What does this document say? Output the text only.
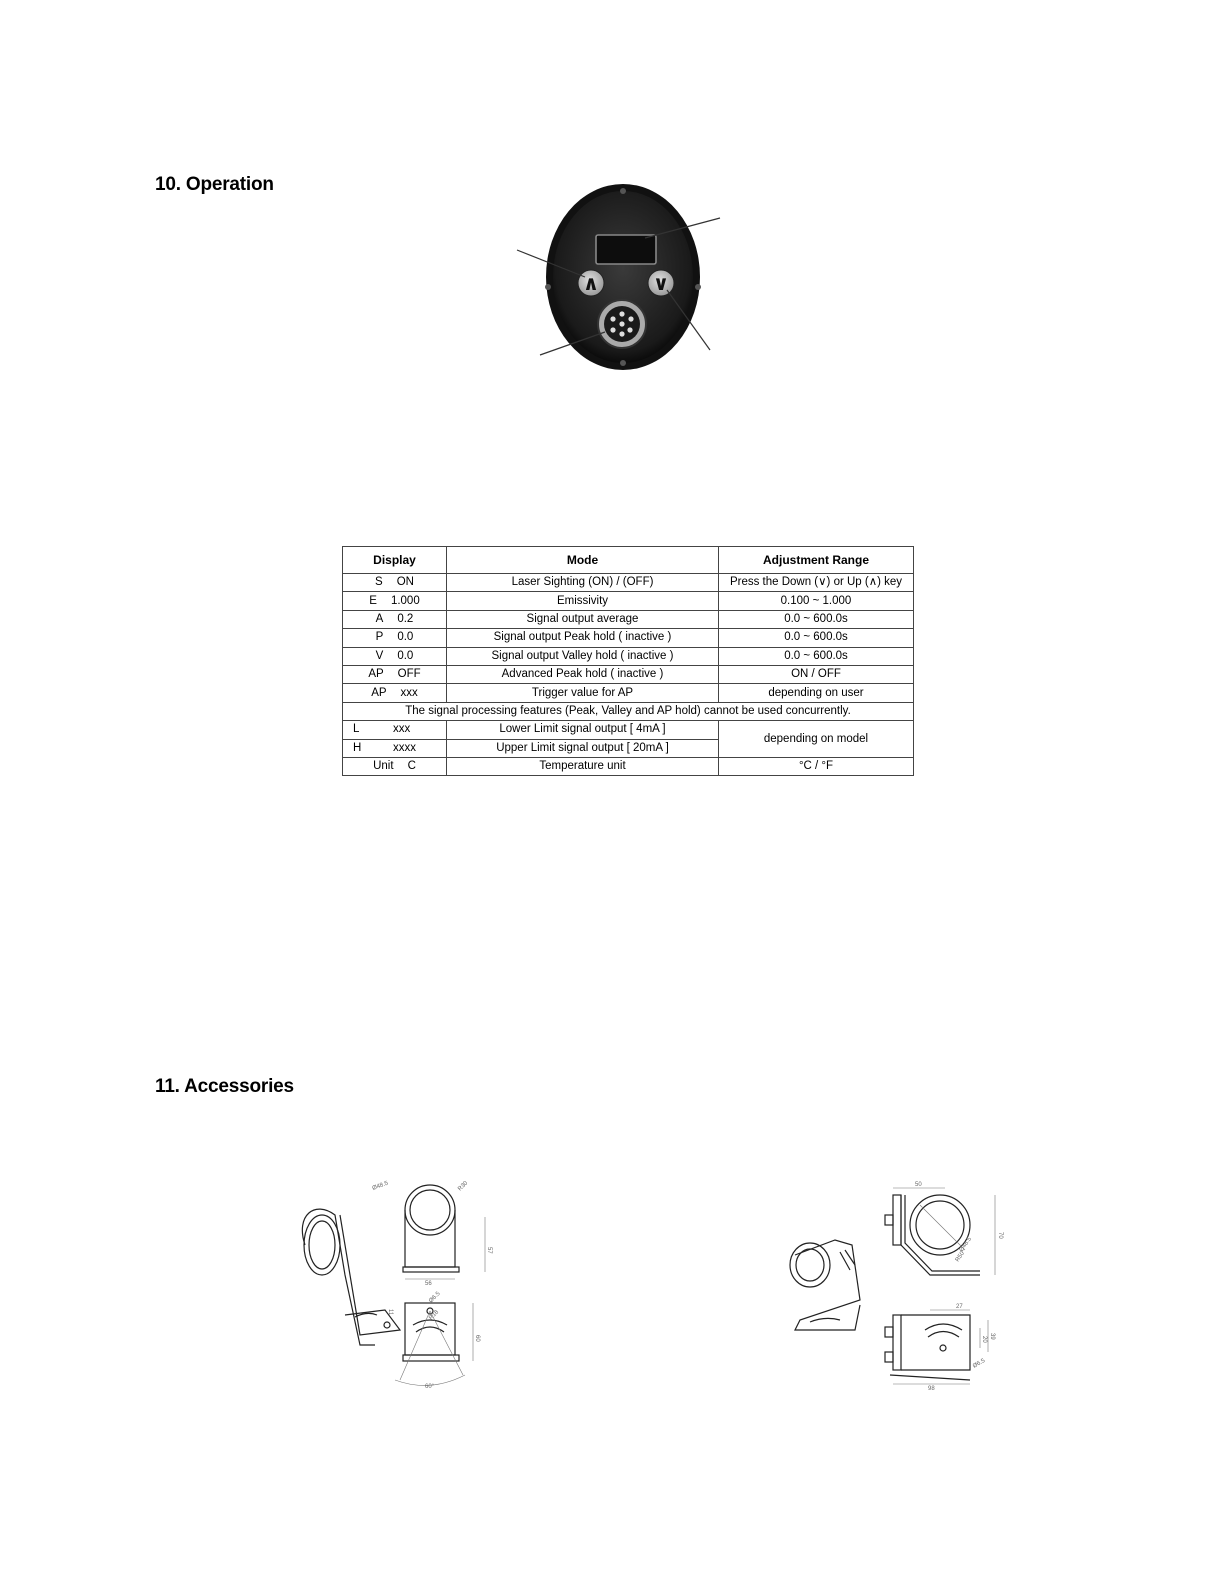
10. Operation
∧	∨
Display	Mode	Adjustment Range

S ON	Laser Sighting (ON) / (OFF)	Press the Down (∨) or Up (∧) key

E 1.000	Emissivity	0.100 ~ 1.000

A 0.2	Signal output average	0.0 ~ 600.0s

P 0.0	Signal output Peak hold ( inactive )	0.0 ~ 600.0s

V 0.0	Signal output Valley hold ( inactive )	0.0 ~ 600.0s

AP OFF	Advanced Peak hold ( inactive )	ON / OFF

AP xxx	Trigger value for AP	depending on user
The signal processing features (Peak, Valley and AP hold) cannot be used concurrently.		

L xxx	Lower Limit signal output [ 4mA ]	depending on model

H xxxx	Upper Limit signal output [ 20mA ]	

Unit C	Temperature unit	°C / °F
11. Accessories
Ø48.5	R30
57
56
60
11
60°
Ø6.5
R18
50
Ø48.5
R50
70
27
20 39
Ø6.5
98
